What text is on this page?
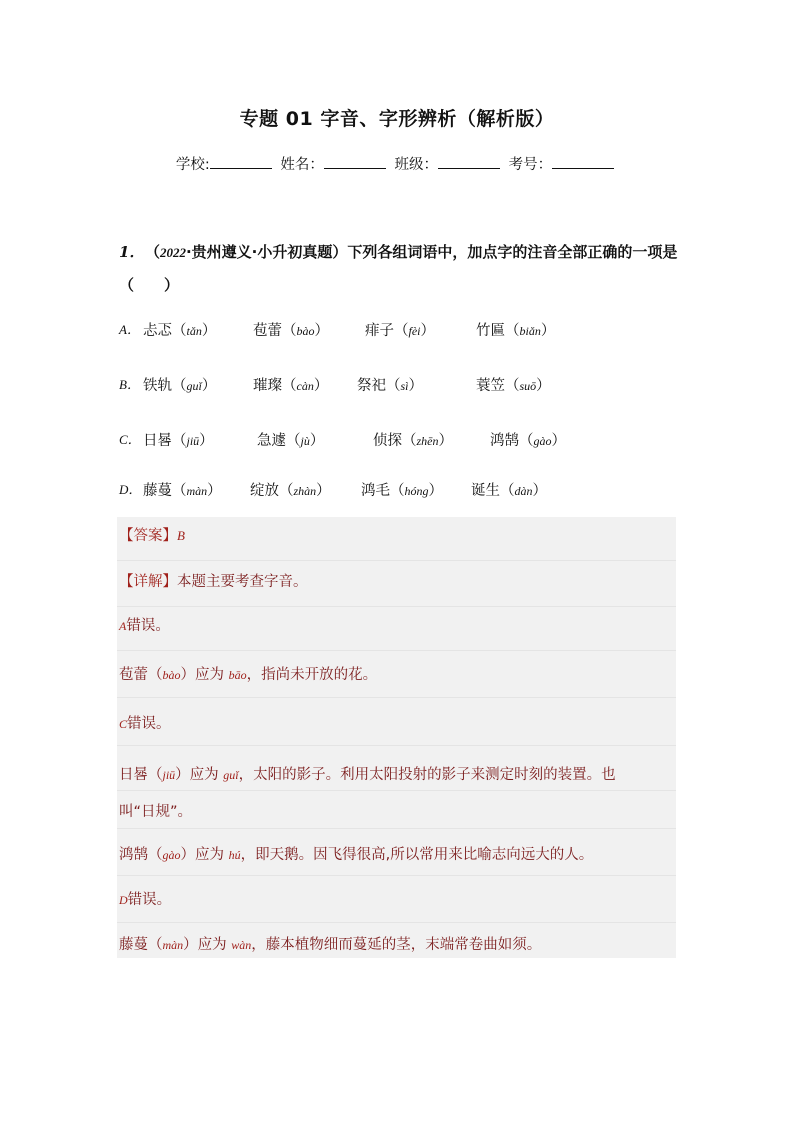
专题 01 字音、字形辨析（解析版）
学校:	姓名：	班级：	考号：
1． （2022·贵州遵义·小升初真题）下列各组词语中，加点字的注音全部正确的一项是（　　）
A． 忐忑（tǎn）	苞蕾（bào） 痱子（fèi）	竹匾（biǎn）
B． 铁轨（guǐ）	璀璨（càn） 祭祀（sì）	蓑笠（suō）
C． 日晷（jiū）	急遽（jù）	侦探（zhēn）	鸿鹄（gào）
D． 藤蔓（màn） 绽放（zhàn） 鸿毛（hóng） 诞生（dàn）
【答案】B
【详解】本题主要考查字音。
A错误。
苞蕾（bào）应为 bāo，指尚未开放的花。
C错误。
日晷（jiū）应为 guǐ，太阳的影子。利用太阳投射的影子来测定时刻的装置。也
叫“日规”。
鸿鹄（gào）应为 hú，即天鹅。因飞得很高,所以常用来比喻志向远大的人。
D错误。
藤蔓（màn）应为 wàn，藤本植物细而蔓延的茎，末端常卷曲如须。
